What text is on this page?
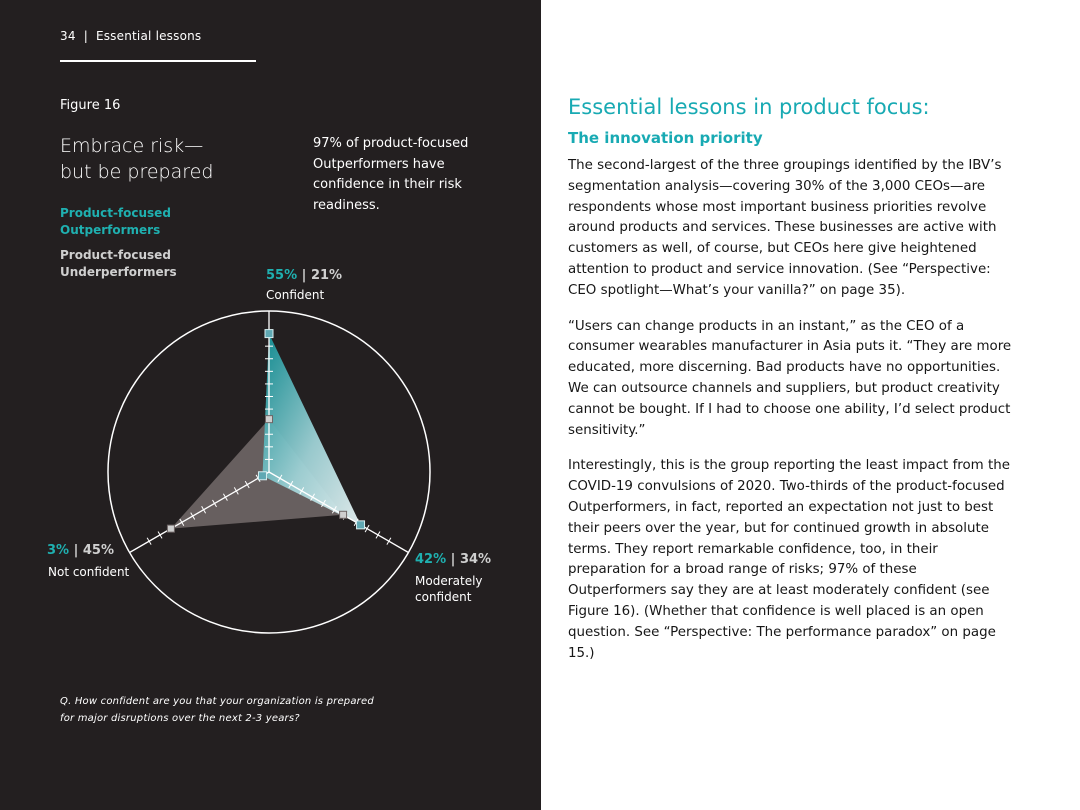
34 | Essential lessons
Figure 16
Embrace risk—
but be prepared
97% of product-focused Outperformers have confidence in their risk readiness.
Product-focused Outperformers
Product-focused Underperformers	55% | 21%
Confident
42% | 34%
Moderately confident
3% | 45%
Not confident
Q. How confident are you that your organization is prepared for major disruptions over the next 2-3 years?
Essential lessons in product focus:
The innovation priority

The second-largest of the three groupings identified by the IBV’s segmentation analysis—covering 30% of the 3,000 CEOs—are respondents whose most important business priorities revolve around products and services. These businesses are active with customers as well, of course, but CEOs here give heightened attention to product and service innovation. (See “Perspective: CEO spotlight—What’s your vanilla?” on page 35).

“Users can change products in an instant,” as the CEO of a consumer wearables manufacturer in Asia puts it. “They are more educated, more discerning. Bad products have no opportunities. We can outsource channels and suppliers, but product creativity cannot be bought. If I had to choose one ability, I’d select product sensitivity.”

Interestingly, this is the group reporting the least impact from the COVID-19 convulsions of 2020. Two-thirds of the product-focused Outperformers, in fact, reported an expectation not just to best their peers over the year, but for continued growth in absolute terms. They report remarkable confidence, too, in their preparation for a broad range of risks; 97% of these Outperformers say they are at least moderately confident (see Figure 16). (Whether that confidence is well placed is an open question. See “Perspective: The performance paradox” on page 15.)
